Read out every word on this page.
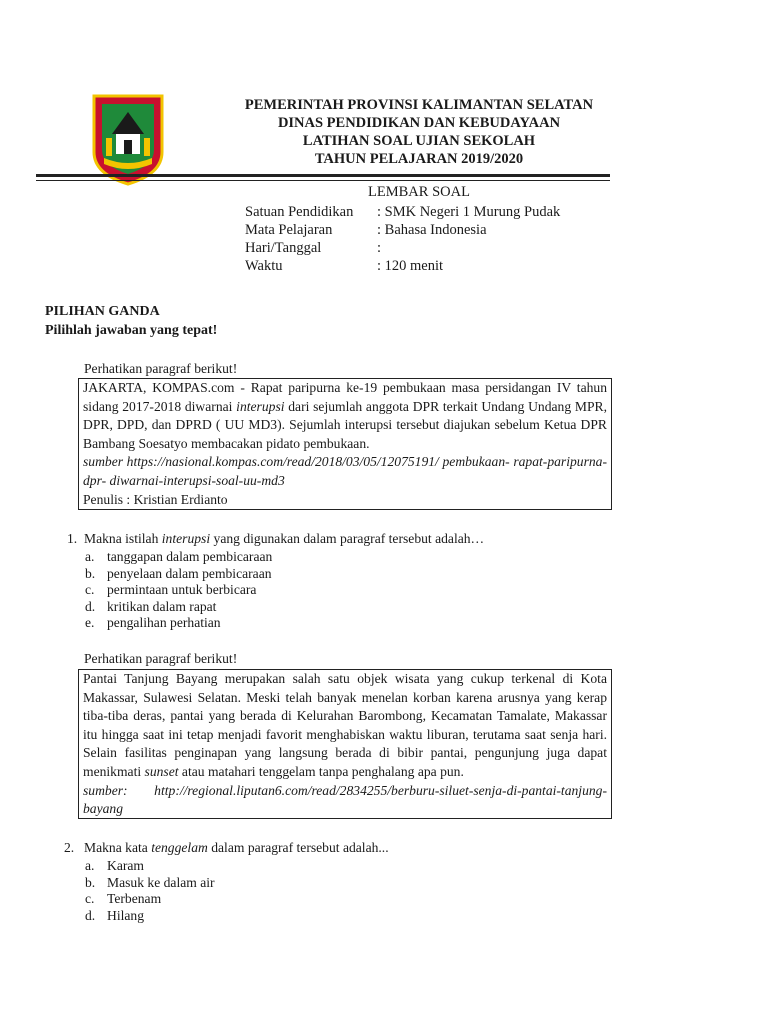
PEMERINTAH PROVINSI KALIMANTAN SELATAN
DINAS PENDIDIKAN DAN KEBUDAYAAN
LATIHAN SOAL UJIAN SEKOLAH
TAHUN PELAJARAN 2019/2020
LEMBAR SOAL
Satuan Pendidikan : SMK Negeri 1 Murung Pudak
Mata Pelajaran	: Bahasa Indonesia
Hari/Tanggal	:
Waktu	: 120 menit
PILIHAN GANDA
Pilihlah jawaban yang tepat!
Perhatikan paragraf berikut!
JAKARTA, KOMPAS.com - Rapat paripurna ke-19 pembukaan masa persidangan IV tahun sidang 2017-2018 diwarnai interupsi dari sejumlah anggota DPR terkait Undang Undang MPR, DPR, DPD, dan DPRD ( UU MD3). Sejumlah interupsi tersebut diajukan sebelum Ketua DPR Bambang Soesatyo membacakan pidato pembukaan.
sumber https://nasional.kompas.com/read/2018/03/05/12075191/ pembukaan- rapat-paripurna- dpr- diwarnai-interupsi-soal-uu-md3
Penulis : Kristian Erdianto
1. Makna istilah interupsi yang digunakan dalam paragraf tersebut adalah…
a. tanggapan dalam pembicaraan
b. penyelaan dalam pembicaraan
c. permintaan untuk berbicara
d. kritikan dalam rapat
e. pengalihan perhatian
Perhatikan paragraf berikut!
Pantai Tanjung Bayang merupakan salah satu objek wisata yang cukup terkenal di Kota Makassar, Sulawesi Selatan. Meski telah banyak menelan korban karena arusnya yang kerap tiba-tiba deras, pantai yang berada di Kelurahan Barombong, Kecamatan Tamalate, Makassar itu hingga saat ini tetap menjadi favorit menghabiskan waktu liburan, terutama saat senja hari. Selain fasilitas penginapan yang langsung berada di bibir pantai, pengunjung juga dapat menikmati sunset atau matahari tenggelam tanpa penghalang apa pun.
sumber: http://regional.liputan6.com/read/2834255/berburu-siluet-senja-di-pantai-tanjung-bayang
2. Makna kata tenggelam dalam paragraf tersebut adalah...
a. Karam
b. Masuk ke dalam air
c. Terbenam
d. Hilang
